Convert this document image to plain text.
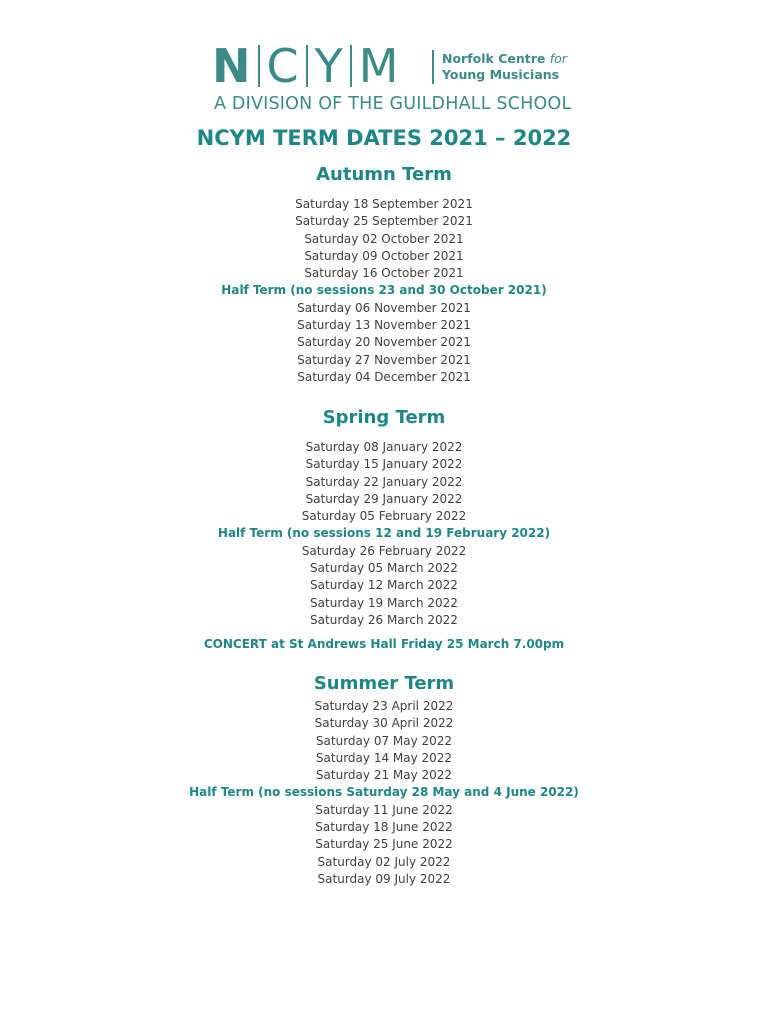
N C Y M	Norfolk Centre for
Young Musicians
A DIVISION OF THE GUILDHALL SCHOOL
NCYM TERM DATES 2021 – 2022
Autumn Term
Saturday 18 September 2021
Saturday 25 September 2021
Saturday 02 October 2021
Saturday 09 October 2021
Saturday 16 October 2021
Half Term (no sessions 23 and 30 October 2021)
Saturday 06 November 2021
Saturday 13 November 2021
Saturday 20 November 2021
Saturday 27 November 2021
Saturday 04 December 2021
Spring Term
Saturday 08 January 2022
Saturday 15 January 2022
Saturday 22 January 2022
Saturday 29 January 2022
Saturday 05 February 2022
Half Term (no sessions 12 and 19 February 2022)
Saturday 26 February 2022
Saturday 05 March 2022
Saturday 12 March 2022
Saturday 19 March 2022
Saturday 26 March 2022
CONCERT at St Andrews Hall Friday 25 March 7.00pm
Summer Term
Saturday 23 April 2022
Saturday 30 April 2022
Saturday 07 May 2022
Saturday 14 May 2022
Saturday 21 May 2022
Half Term (no sessions Saturday 28 May and 4 June 2022)
Saturday 11 June 2022
Saturday 18 June 2022
Saturday 25 June 2022
Saturday 02 July 2022
Saturday 09 July 2022
